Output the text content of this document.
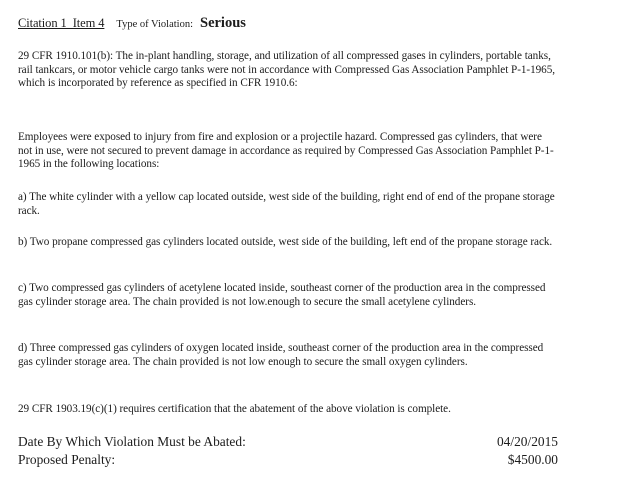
Citation 1  Item 4 Type of Violation: Serious

29 CFR 1910.101(b): The in-plant handling, storage, and utilization of all compressed gases in cylinders, portable tanks, rail tankcars, or motor vehicle cargo tanks were not in accordance with Compressed Gas Association Pamphlet P-1-1965, which is incorporated by reference as specified in CFR 1910.6:

Employees were exposed to injury from fire and explosion or a projectile hazard. Compressed gas cylinders, that were not in use, were not secured to prevent damage in accordance as required by Compressed Gas Association Pamphlet P-1-1965 in the following locations:

a) The white cylinder with a yellow cap located outside, west side of the building, right end of end of the propane storage rack.

b) Two propane compressed gas cylinders located outside, west side of the building, left end of the propane storage rack.

c) Two compressed gas cylinders of acetylene located inside, southeast corner of the production area in the compressed gas cylinder storage area. The chain provided is not low.enough to secure the small acetylene cylinders.

d) Three compressed gas cylinders of oxygen located inside, southeast corner of the production area in the compressed gas cylinder storage area. The chain provided is not low enough to secure the small oxygen cylinders.

29 CFR 1903.19(c)(1) requires certification that the abatement of the above violation is complete.

Date By Which Violation Must be Abated:	04/20/2015
Proposed Penalty:	$4500.00
